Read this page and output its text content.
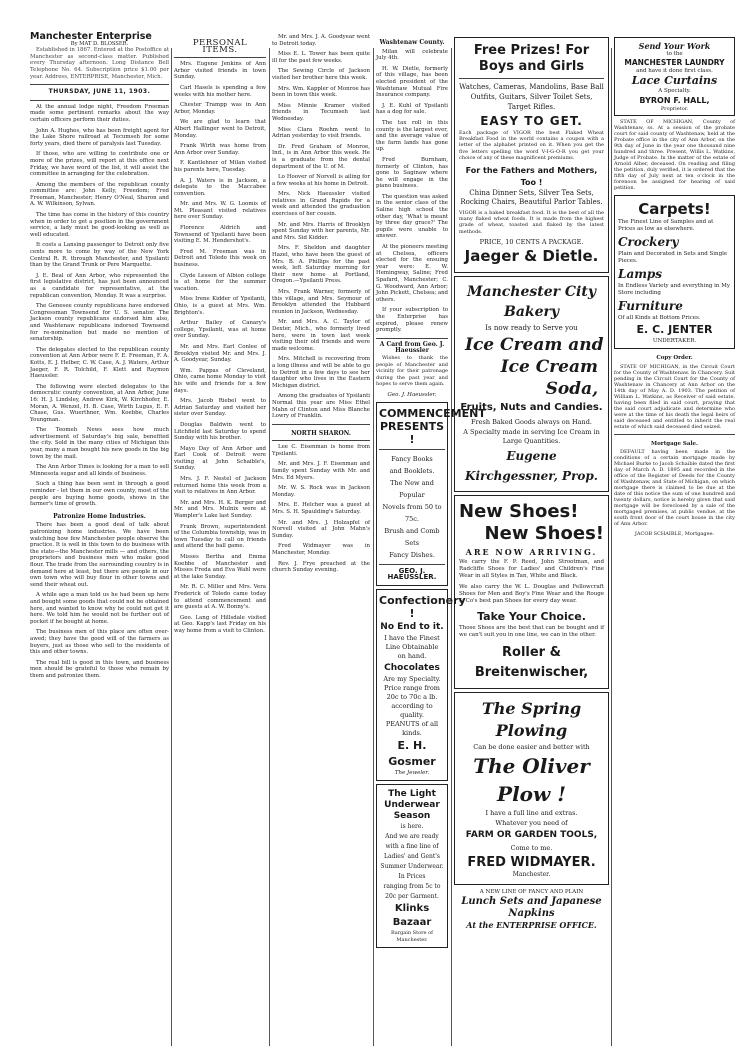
Manchester Enterprise
By MAT D. BLOSSER.

Established in 1867. Entered at the Postoffice at Manchester as second-class matter. Published every Thursday afternoon. Long Distance Bell Telephone No. 64. Subscription price $1.00 per year. Address, ENTERPRISE, Manchester, Mich.

THURSDAY, JUNE 11, 1903.

At the annual lodge night, Freedom Freeman made some pertinent remarks about the way certain officers perform their duties.

John A. Hughes, who has been freight agent for the Lake Shore railroad at Tecumseh for some forty years, died there of paralysis last Tuesday.

If those, who are willing to contribute one or more of the prizes, will report at this office next Friday, we have word of the list, it will assist the committee in arranging for the celebration.

Among the members of the republican county committee are: John Kelly, Freedom; Fred Freeman, Manchester; Henry O'Neal, Sharon and A. W. Wilkinson, Sylvan.

The time has come in the history of this country when in order to get a position in the government service, a lady must be good-looking as well as well educated.

It costs a Lansing passenger to Detroit only five cents more to come by way of the New York Central R. R. through Manchester, and Ypsilanti than by the Grand Trunk or Pere Marquette.

J. E. Beal of Ann Arbor, who represented the first legislative district, has just been announced as a candidate for representative, at the republican convention, Monday. It was a surprise.

The Genesee county republicans have endorsed Congressman Townsend for U. S. senator. The Jackson county republicans endorsed him also, and Washtenaw republicans indorsed Townsend for re-nomination but made no mention of senatorship.

The delegates elected to the republican county convention at Ann Arbor were F. E. Freeman, F. A. Kotts, E. J. Helber, C. W. Case, A. J. Waters, Arthur Jaeger, F. R. Tolchild, F. Klett and Raymon Haeussler.

The following were elected delegates to the democratic county convention, at Ann Arbor, June 16: H. J. Lindsley, Andrew Kirk, W. Kirchhofer, E. Moran, A. Wenzel, H. B. Case, Wirth Lugus, E. F. Chase, Gus. Wuerthner, Wm. Koebbe, Charles Youngman.

The Teomeh News sees how much advertisement of Saturday's big sale, benefited the city. Sold in the many cities of Michigan this year, many a man bought his new goods in the big town by the mail.

The Ann Arbor Times is looking for a man to sell Minnesota sugar and all kinds of business.

Such a thing has been sent in through a good reminder - let them in our own county, most of the people are buying home goods, shows in the farmer's time of growth.

Patronize Home Industries.

There has been a good deal of talk about patronizing home industries. We have been watching how few Manchester people observe the practice. It is well in this town to do business with the state—the Manchester mills — and others, the proprietors and business men who make good flour. The trade from the surrounding country is in demand here at least, but there are people in our own town who will buy flour in other towns and send their wheat out.

A while ago a man told us he had been up here and bought some goods that could not be obtained here, and wanted to know why he could not get it here. We told him he would not be further out of pocket if he bought at home.

The business men of this place are often over-awed; they have the good will of the farmers as buyers, just as those who sell to the residents of this and other towns.

The real bill is good in this town, and business men should be grateful to those who remain by them and patronize them.

PERSONAL ITEMS.

Mrs. Eugene Jenkins of Ann Arbor visited friends in town Sunday.

Carl Hasels is spending a few weeks with his mother here.

Chester Trampp was in Ann Arbor, Monday.

We are glad to learn that Albert Hallinger went to Detroit, Monday.

Frank Wirth was home from Ann Arbor over Sunday.

F. Kantlehner of Milan visited his parents here, Tuesday.

A. J. Waters is in Jackson, a delegate to the Maccabee convention.

Mr. and Mrs. W. G. Loomis of Mt. Pleasant visited relatives here over Sunday.

Florence Aldrich and Townsend of Ypsilanti have been visiting E. M. Hendershot's.

Fred M. Freeman was in Detroit and Toledo this week on business.

Clyde Lesson of Albion college is at home for the summer vacation.

Miss Irene Kidder of Ypsilanti, Ohio, is a guest at Mrs. Wm. Brighton's.

Arthur Bailey of Canary's college, Ypsilanti, was at home over Sunday.

Mr. and Mrs. Earl Conlee of Brooklyn visited Mr. and Mrs. J. A. Goodyear, Sunday.

Wm. Pappas of Cleveland, Ohio, came home Monday to visit his wife and friends for a few days.

Mrs. Jacob Riebel went to Adrian Saturday and visited her sister over Sunday.

Douglas Baldwin went to Litchfield last Saturday to spend Sunday with his brother.

Mayo Day of Ann Arbor and Earl Cook of Detroit were visiting at John Schaible's, Sunday.

Mrs. J. F. Nestel of Jackson returned home this week from a visit to relatives in Ann Arbor.

Mr. and Mrs. H. K. Berger and Mr. and Mrs. Mulnix were at Wampler's Lake last Sunday.

Frank Brown, superintendent of the Columbia township, was in town Tuesday to call on friends and attend the ball game.

Misses Bertha and Emma Koebbe of Manchester and Misses Freda and Eva Wahl were at the lake Sunday.

Mr. R. C. Miller and Mrs. Vera Frederick of Toledo came today to attend commencement and are guests at A. W. Bonny's.

Geo. Lang of Hillsdale visited at Geo. Kapp's last Friday on his way home from a visit to Clinton.

Mr. and Mrs. J. A. Goodyear went to Detroit today.

Miss E. L. Tower has been quite ill for the past few weeks.

The Sewing Circle of Jackson visited her brother here this week.

Mrs. Wm. Kappler of Monroe has been in town this week.

Miss Minnie Kramer visited friends in Tecumseh last Wednesday.

Miss Clara Roehm went to Adrian yesterday to visit friends.

Dr. Fred Graham of Monroe, Ind., is in Ann Arbor this week. He is a graduate from the dental department of the U. of M.

Lo Hoover of Norvell is ailing for a few weeks at his home in Detroit.

Mrs. Nick Haeussler visited relatives in Grand Rapids for a week and attended the graduation exercises of her cousin.

Mr. and Mrs. Harris of Brooklyn spent Sunday with her parents, Mr. and Mrs. Sid Kidder.

Mrs. F. Sheldon and daughter Hazel, who have been the guest of Mrs. B. A. Phillips for the past week, left Saturday morning for their new home at Portland, Oregon.—Ypsilanti Press.

Mrs. Frank Warner, formerly of this village, and Mrs. Seymour of Brooklyn attended the Hubbard reunion in Jackson, Wednesday.

Mr. and Mrs. A. C. Taylor of Dexter, Mich., who formerly lived here, were in town last week visiting their old friends and were made welcome.

Mrs. Mitchell is recovering from a long illness and will be able to go to Detroit in a few days to see her daughter who lives in the Eastern Michigan district.

Among the graduates of Ypsilanti Normal this year are Miss Ethel Mahn of Clinton and Miss Blanche Lowry of Franklin.

NORTH SHARON.

Lee C. Eisenman is home from Ypsilanti.

Mr. and Mrs. J. F. Eisenman and family spent Sunday with Mr. and Mrs. Ed Myers.

Mr. W. S. Rock was in Jackson Monday.

Mrs. E. Helcher was a guest at Mrs. S. H. Spaulding's Saturday.

Mr. and Mrs. J. Holzapfel of Norvell visited at John Mahn's Sunday.

Fred Widmayer was in Manchester, Monday.

Rev. J. Frye preached at the church Sunday evening.

Washtenaw County.

Milan will celebrate July 4th.

H. W. Dietle, formerly of this village, has been elected president of the Washtenaw Mutual Fire Insurance company.

J. E. Kuhl of Ypsilanti has a dog for sale.

The tax roll in this county is the largest ever, and the average value of the farm lands has gone up.

Fred Burnham, formerly of Clinton, has gone to Saginaw where he will engage in the piano business.

The question was asked in the senior class of the Saline high school the other day, 'What is meant by three day grace?' The pupils were unable to answer.

At the pioneers meeting at Chelsea, officers elected for the ensuing year were: E. W. Hemingway, Saline; Fred Spafard, Manchester; C. G. Woodward, Ann Arbor; John Pickett, Chelsea; and others.

If your subscription to the Enterprise has expired, please renew promptly.

A Card from Geo. J. Haeussler

Wishes to thank the people of Manchester and vicinity for their patronage during the past year and hopes to serve them again.

Geo. J. Haeussler.
COMMENCEMENT PRESENTS !
Fancy Books
and Booklets.
The New and Popular
Novels from 50 to 75c.
Brush and Comb Sets
Fancy Dishes.
GEO. J. HAEUSSLER.
Confectionery !
No End to it.
I have the Finest
Line Obtainable
on hand.
Chocolates
Are my Specialty.
Price range from
20c to 70c a lb. according to quality.
PEANUTS of all kinds.
E. H. Gosmer
The Jeweler.
The Light
Underwear
Season
is here.
And we are ready
with a fine line of
Ladies' and Gent's
Summer Underwear. In Prices
ranging from 5c to
20c per Garment.
Klinks Bazaar
Bargain Store of Manchester.
Free Prizes! For Boys and Girls
Watches, Cameras, Mandolins, Base Ball Outfits, Guitars, Silver Toilet Sets, Target Rifles.
EASY TO GET.

Each package of VIGOR the best Flaked Wheat Breakfast Food in the world contains a coupon with a letter of the alphabet printed on it. When you get the five letters spelling the word V-I-G-O-R you get your choice of any of these magnificent premiums.

For the Fathers and Mothers, Too !
China Dinner Sets, Silver Tea Sets, Rocking Chairs, Beautiful Parlor Tables.

VIGOR is a baked breakfast food. It is the best of all the many flaked wheat foods. It is made from the highest grade of wheat, toasted and flaked by the latest methods.

PRICE, 10 CENTS A PACKAGE.
Jaeger & Dietle.
Manchester City Bakery
Is now ready to Serve you
Ice Cream and
Ice Cream Soda,
Fruits, Nuts and Candies.
Fresh Baked Goods always on Hand.
A Specialty made in serving Ice Cream in Large Quantities.
Eugene Kirchgessner, Prop.
New Shoes!
New Shoes!
ARE NOW ARRIVING.

We carry the F. P. Reed, John Strootman, and Radcliffe Shoes for Ladies' and Children's Fine Wear in all Styles in Tan, White and Black.

We also carry the W. L. Douglas and Fellowcraft Shoes for Men and Boy's Fine Wear and the Rouge & Co's best pan Shoes for every day wear.

Take Your Choice.

Those Shoes are the best that can be bought and if we can't suit you in one line, we can in the other.

Roller & Breitenwischer,
The Spring Plowing
Can be done easier and better with
The Oliver Plow !
I have a full line and extras.
Whatever you need of
FARM OR GARDEN TOOLS,
Come to me.
FRED WIDMAYER.
Manchester.
A NEW LINE OF FANCY AND PLAIN
Lunch Sets and Japanese Napkins
At the ENTERPRISE OFFICE.
Send Your Work
to the
MANCHESTER LAUNDRY
and have it done first class.
Lace Curtains
A Specialty.
BYRON F. HALL,
Proprietor.

STATE OF MICHIGAN, County of Washtenaw, ss. At a session of the probate court for said county of Washtenaw, held at the Probate office in the city of Ann Arbor, on the 9th day of June in the year one thousand nine hundred and three. Present, Willis L. Watkins, Judge of Probate. In the matter of the estate of Arnold Alber, deceased. On reading and filing the petition, duly verified, it is ordered that the fifth day of July next at ten o'clock in the forenoon be assigned for hearing of said petition.

Carpets!
The Finest Line of Samples and at Prices as low as elsewhere.
Crockery
Plain and Decorated in Sets and Single Pieces.
Lamps
In Endless Variety and everything in My Store including
Furniture
Of all Kinds at Bottom Prices.
E. C. JENTER
UNDERTAKER.
Copy Order.

STATE OF MICHIGAN, in the Circuit Court for the County of Washtenaw. In Chancery. Suit pending in the Circuit Court for the County of Washtenaw in Chancery at Ann Arbor on the 14th day of May A. D. 1903. The petition of William L. Watkins, as Receiver of said estate, having been filed in said court, praying that the said court adjudicate and determine who were at the time of his death the legal heirs of said deceased and entitled to inherit the real estate of which said deceased died seized.

Mortgage Sale.

DEFAULT having been made in the conditions of a certain mortgage made by Michael Burke to Jacob Schaible dated the first day of March A. D. 1895 and recorded in the office of the Register of Deeds for the County of Washtenaw, and State of Michigan, on which mortgage there is claimed to be due at the date of this notice the sum of one hundred and twenty dollars, notice is hereby given that said mortgage will be foreclosed by a sale of the mortgaged premises, at public vendue, at the south front door of the court house in the city of Ann Arbor.

JACOB SCHAIBLE, Mortgagee.
